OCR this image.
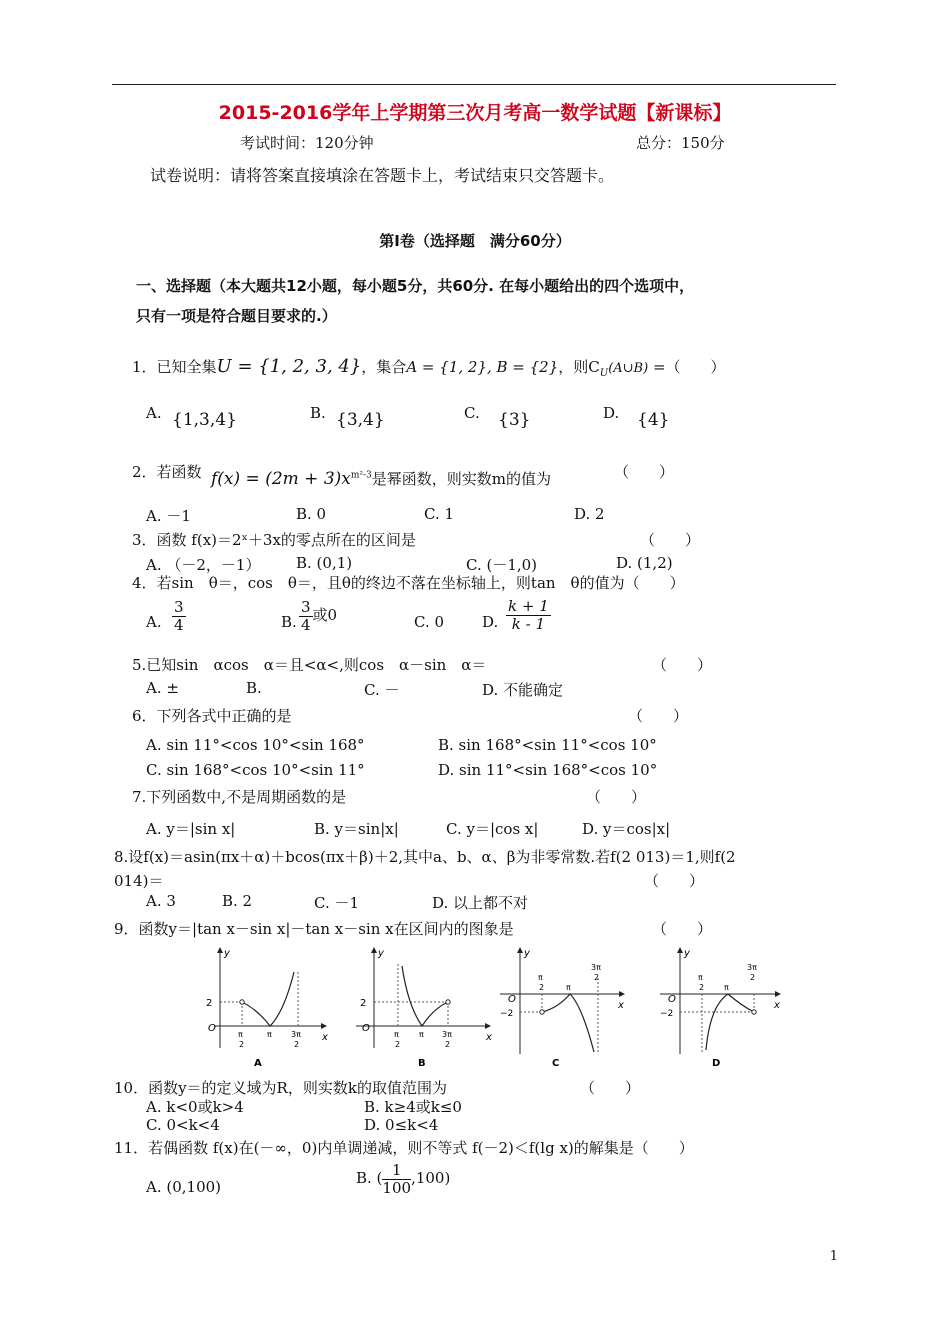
2015-2016学年上学期第三次月考高一数学试题【新课标】
考试时间：120分钟	总分：150分
试卷说明：请将答案直接填涂在答题卡上，考试结束只交答题卡。
第Ⅰ卷（选择题　满分60分）
一、选择题（本大题共12小题，每小题5分，共60分. 在每小题给出的四个选项中，
只有一项是符合题目要求的.）
1．已知全集U = {1, 2, 3, 4}，集合A = {1, 2}, B = {2}，则$C_U(A\cup B)$ =（　　）
A. {1,3,4}	B. {3,4}	C. {3}	D. {4}
2．若函数 $f(x) = (2m + 3)x^{m^2-3}$是幂函数，则实数m的值为	（　　）
A. －1	B. 0	C. 1	D. 2
3．函数 f(x)＝2ˣ＋3x的零点所在的区间是	（　　）
A. （－2，－1） B. (0,1)	C. (－1,0)	D. (1,2)
4．若sin　θ＝，cos　θ＝，且θ的终边不落在坐标轴上，则tan　θ的值为（　　）
A. $\frac{3}{4}$	B. $\frac{3}{4}$ 或0	C. 0	D. $\frac{k + 1}{k - 1}$
5.已知sin　αcos　α＝且<α<,则cos　α－sin　α＝	（　　）
A. ±	B.	C. －	D. 不能确定
6．下列各式中正确的是	（　　）
A. sin 11°<cos 10°<sin 168°	B. sin 168°<sin 11°<cos 10°
C. sin 168°<cos 10°<sin 11°	D. sin 11°<sin 168°<cos 10°
7.下列函数中,不是周期函数的是	（　　）
A. y＝|sin x|	B. y＝sin|x|	C. y＝|cos x|	D. y＝cos|x|
8.设f(x)＝asin(πx＋α)＋bcos(πx＋β)＋2,其中a、b、α、β为非零常数.若f(2 013)＝1,则f(2
014)＝	（　　）
A. 3	B. 2	C. －1	D. 以上都不对
9．函数y＝|tan x－sin x|－tan x－sin x在区间内的图象是	（　　）
y
x
2
O
π
2
π 3π
2
A
y
x
2
O
π
2
π 3π
2
B
y
x
−2
O
π
2	π
3π
2
C
y
x
−2
O
π
2 π
3π
2
D
10．函数y＝的定义域为R，则实数k的取值范围为	（　　）
A. k<0或k>4	B. k≥4或k≤0
C. 0<k<4	D. 0≤k<4
11．若偶函数 f(x)在(－∞，0)内单调递减，则不等式 f(－2)＜f(lg x)的解集是（　　）
A. (0,100)	B. ( $\frac{1}{100} ,100$)
1
